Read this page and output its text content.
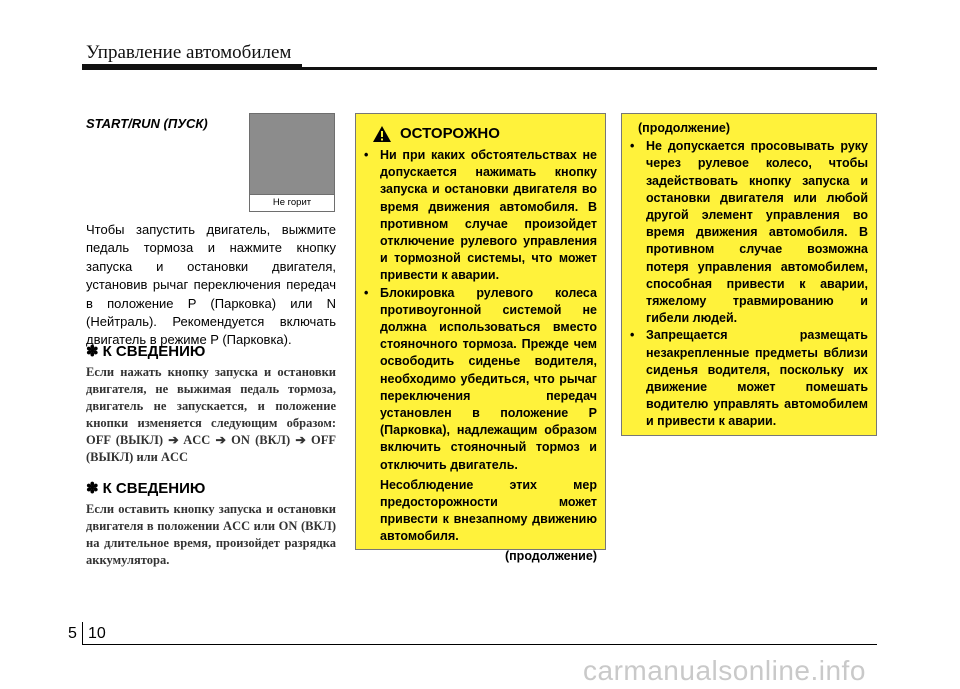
Управление автомобилем
START/RUN (ПУСК)
Не горит
Чтобы запустить двигатель, выжмите педаль тормоза и нажмите кнопку запуска и остановки двигателя, установив рычаг переключения передач в положение P (Парковка) или N (Нейтраль). Рекомендуется включать двигатель в режиме P (Парковка).
✽ К СВЕДЕНИЮ
Если нажать кнопку запуска и остановки двигателя, не выжимая педаль тормоза, двигатель не запускается, и положение кнопки изменяется следующим образом: OFF (ВЫКЛ) ➔ ACC ➔ ON (ВКЛ) ➔ OFF (ВЫКЛ) или ACC
✽ К СВЕДЕНИЮ
Если оставить кнопку запуска и остановки двигателя в положении ACC или ON (ВКЛ) на длительное время, произойдет разрядка аккумулятора.
ОСТОРОЖНО
• Ни при каких обстоятельствах не допускается нажимать кнопку запуска и остановки двигателя во время движения автомобиля. В противном случае произойдет отключение рулевого управления и тормозной системы, что может привести к аварии.
• Блокировка рулевого колеса противоугонной системой не должна использоваться вместо стояночного тормоза. Прежде чем освободить сиденье водителя, необходимо убедиться, что рычаг переключения передач установлен в положение P (Парковка), надлежащим образом включить стояночный тормоз и отключить двигатель.
Несоблюдение этих мер предосторожности может привести к внезапному движению автомобиля.
(продолжение)
(продолжение)
• Не допускается просовывать руку через рулевое колесо, чтобы задействовать кнопку запуска и остановки двигателя или любой другой элемент управления во время движения автомобиля. В противном случае возможна потеря управления автомобилем, способная привести к аварии, тяжелому травмированию и гибели людей.
• Запрещается размещать незакрепленные предметы вблизи сиденья водителя, поскольку их движение может помешать водителю управлять автомобилем и привести к аварии.
5 10
carmanualsonline.info
